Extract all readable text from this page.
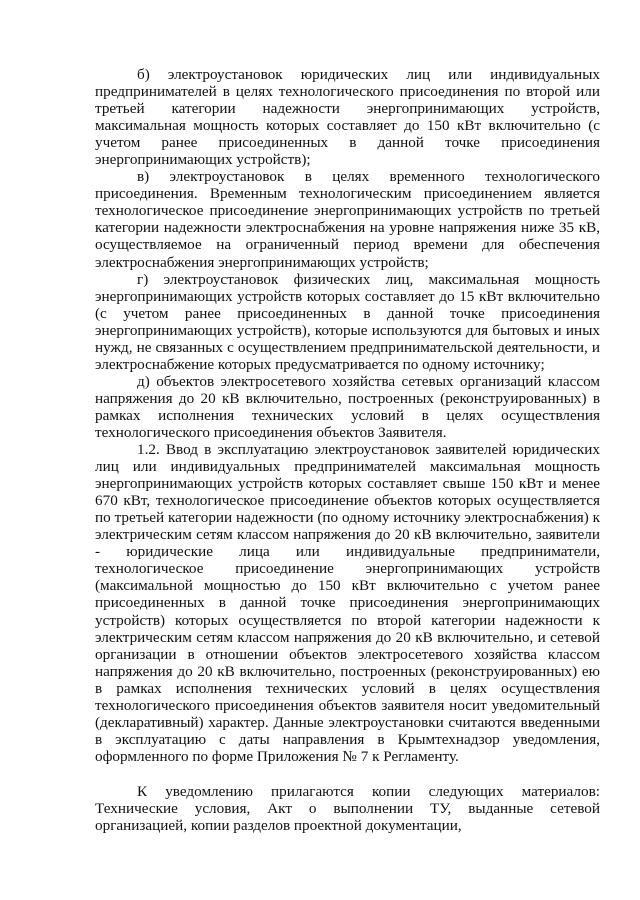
б) электроустановок юридических лиц или индивидуальных предпринимателей в целях технологического присоединения по второй или третьей категории надежности энергопринимающих устройств, максимальная мощность которых составляет до 150 кВт включительно (с учетом ранее присоединенных в данной точке присоединения энергопринимающих устройств);

в) электроустановок в целях временного технологического присоединения. Временным технологическим присоединением является технологическое присоединение энергопринимающих устройств по третьей категории надежности электроснабжения на уровне напряжения ниже 35 кВ, осуществляемое на ограниченный период времени для обеспечения электроснабжения энергопринимающих устройств;

г) электроустановок физических лиц, максимальная мощность энергопринимающих устройств которых составляет до 15 кВт включительно (с учетом ранее присоединенных в данной точке присоединения энергопринимающих устройств), которые используются для бытовых и иных нужд, не связанных с осуществлением предпринимательской деятельности, и электроснабжение которых предусматривается по одному источнику;

д) объектов электросетевого хозяйства сетевых организаций классом напряжения до 20 кВ включительно, построенных (реконструированных) в рамках исполнения технических условий в целях осуществления технологического присоединения объектов Заявителя.

1.2. Ввод в эксплуатацию электроустановок заявителей юридических лиц или индивидуальных предпринимателей максимальная мощность энергопринимающих устройств которых составляет свыше 150 кВт и менее 670 кВт, технологическое присоединение объектов которых осуществляется по третьей категории надежности (по одному источнику электроснабжения) к электрическим сетям классом напряжения до 20 кВ включительно, заявители - юридические лица или индивидуальные предприниматели, технологическое присоединение энергопринимающих устройств (максимальной мощностью до 150 кВт включительно с учетом ранее присоединенных в данной точке присоединения энергопринимающих устройств) которых осуществляется по второй категории надежности к электрическим сетям классом напряжения до 20 кВ включительно, и сетевой организации в отношении объектов электросетевого хозяйства классом напряжения до 20 кВ включительно, построенных (реконструированных) ею в рамках исполнения технических условий в целях осуществления технологического присоединения объектов заявителя носит уведомительный (декларативный) характер. Данные электроустановки считаются введенными в эксплуатацию с даты направления в Крымтехнадзор уведомления, оформленного по форме Приложения № 7 к Регламенту.

К уведомлению прилагаются копии следующих материалов: Технические условия, Акт о выполнении ТУ, выданные сетевой организацией, копии разделов проектной документации,
